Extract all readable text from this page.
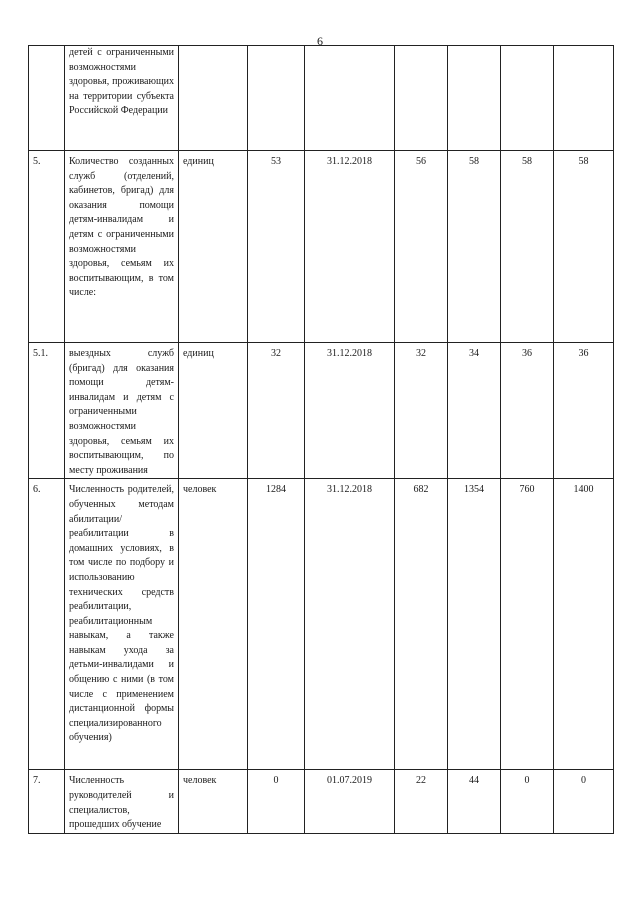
6
	детей с ограниченными возможностями здоровья, проживающих на территории субъекта Российской Федерации							
5.	Количество созданных служб (отделений, кабинетов, бригад) для оказания помощи детям-инвалидам и детям с ограниченными возможностями здоровья, семьям их воспитывающим, в том числе:	единиц	53	31.12.2018	56	58	58	58
5.1.	выездных служб (бригад) для оказания помощи детям-инвалидам и детям с ограниченными возможностями здоровья, семьям их воспитывающим, по месту проживания	единиц	32	31.12.2018	32	34	36	36
6.	Численность родителей, обученных методам абилитации/реабилитации в домашних условиях, в том числе по подбору и использованию технических средств реабилитации, реабилитационным навыкам, а также навыкам ухода за детьми-инвалидами и общению с ними (в том числе с применением дистанционной формы специализированного обучения)	человек	1284	31.12.2018	682	1354	760	1400
7.	Численность руководителей и специалистов, прошедших обучение	человек	0	01.07.2019	22	44	0	0
